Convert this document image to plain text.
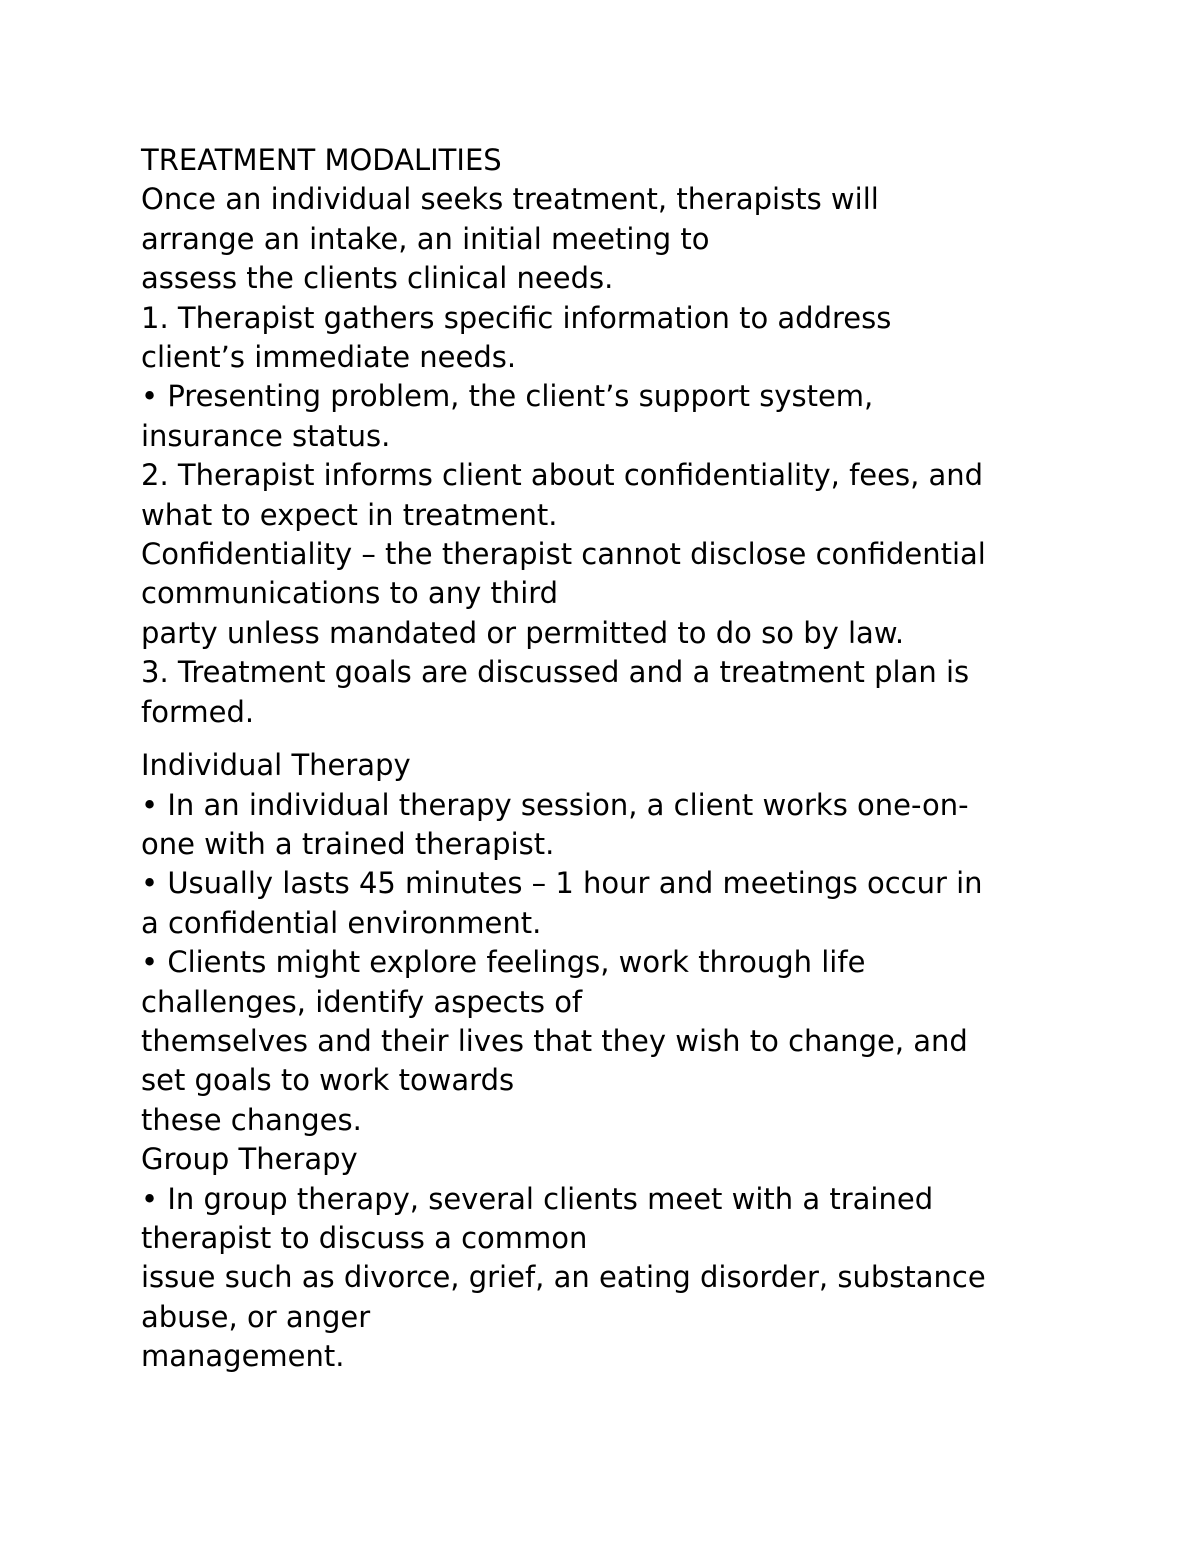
TREATMENT MODALITIES
Once an individual seeks treatment, therapists will
arrange an intake, an initial meeting to
assess the clients clinical needs.
1. Therapist gathers specific information to address
client’s immediate needs.
• Presenting problem, the client’s support system,
insurance status.
2. Therapist informs client about confidentiality, fees, and
what to expect in treatment.
Confidentiality – the therapist cannot disclose confidential
communications to any third
party unless mandated or permitted to do so by law.
3. Treatment goals are discussed and a treatment plan is
formed.
Individual Therapy
• In an individual therapy session, a client works one-on-
one with a trained therapist.
• Usually lasts 45 minutes – 1 hour and meetings occur in
a confidential environment.
• Clients might explore feelings, work through life
challenges, identify aspects of
themselves and their lives that they wish to change, and
set goals to work towards
these changes.
Group Therapy
• In group therapy, several clients meet with a trained
therapist to discuss a common
issue such as divorce, grief, an eating disorder, substance
abuse, or anger
management.
